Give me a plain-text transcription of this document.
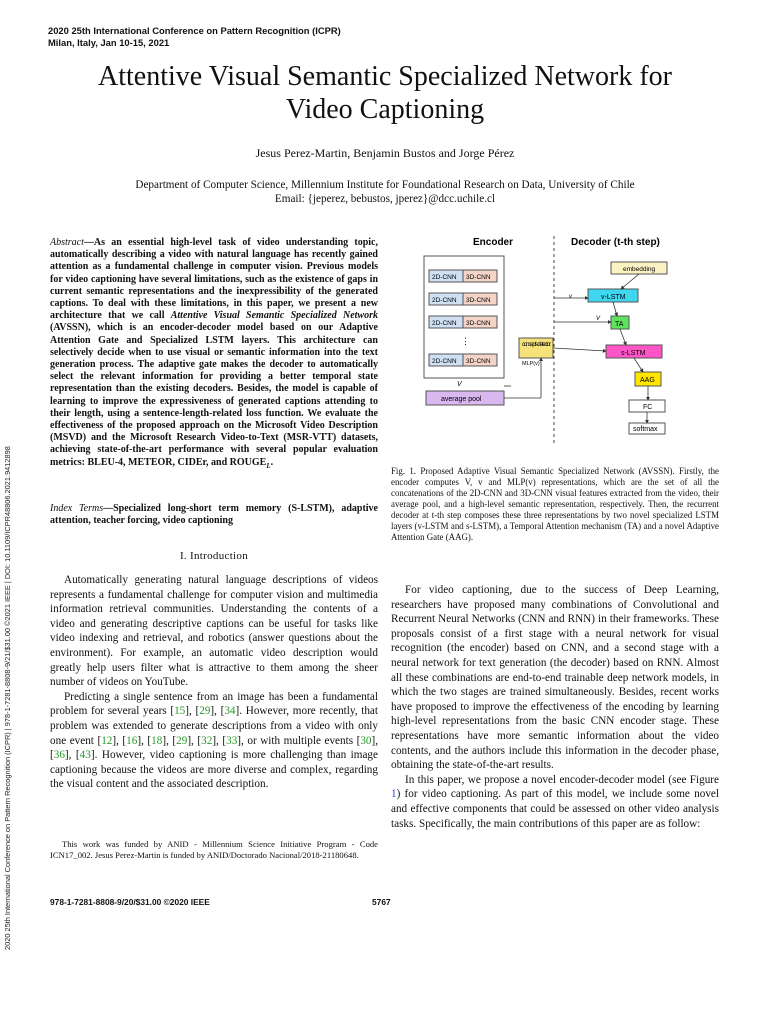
2020 25th International Conference on Pattern Recognition (ICPR)
Milan, Italy, Jan 10-15, 2021
Attentive Visual Semantic Specialized Network for
Video Captioning
Jesus Perez-Martin, Benjamin Bustos and Jorge Pérez
Department of Computer Science, Millennium Institute for Foundational Research on Data, University of Chile
Email: {jeperez, bebustos, jperez}@dcc.uchile.cl
2020 25th International Conference on Pattern Recognition (ICPR) | 978-1-7281-8808-9/21/$31.00 ©2021 IEEE | DOI: 10.1109/ICPR48806.2021.9412898
Abstract—As an essential high-level task of video understanding topic, automatically describing a video with natural language has recently gained attention as a fundamental challenge in computer vision. Previous models for video captioning have several limitations, such as the existence of gaps in current semantic representations and the inexpressibility of the generated captions. To deal with these limitations, in this paper, we present a new architecture that we call Attentive Visual Semantic Specialized Network (AVSSN), which is an encoder-decoder model based on our Adaptive Attention Gate and Specialized LSTM layers. This architecture can selectively decide when to use visual or semantic information into the text generation process. The adaptive gate makes the decoder to automatically select the relevant information for providing a better temporal state representation than the existing decoders. Besides, the model is capable of learning to improve the expressiveness of generated captions attending to their length, using a sentence-length-related loss function. We evaluate the effectiveness of the proposed approach on the Microsoft Video Description (MSVD) and the Microsoft Research Video-to-Text (MSR-VTT) datasets, achieving state-of-the-art performance with several popular evaluation metrics: BLEU-4, METEOR, CIDEr, and $ROUGE_L$.
Index Terms—Specialized long-short term memory (S-LSTM), adaptive attention, teacher forcing, video captioning
I. Introduction

Automatically generating natural language descriptions of videos represents a fundamental challenge for computer vision and multimedia information retrieval communities. Understanding the contents of a video and generating descriptive captions can be useful for tasks like video indexing and retrieval, and robotics (answer questions about the environment). For example, an automatic video description would greatly help users filter what is attractive to them among the sheer number of videos on YouTube.

Predicting a single sentence from an image has been a fundamental problem for several years [15], [29], [34]. However, more recently, that problem was extended to generate descriptions from a video with only one event [12], [16], [18], [29], [32], [33], or with multiple events [30], [36], [43]. However, video captioning is more challenging than image captioning because the videos are more diverse and complex, regarding the visual content and the associated description.

This work was funded by ANID - Millennium Science Initiative Program - Code ICN17_002. Jesus Perez-Martin is funded by ANID/Doctorado Nacional/2018-21180648.
978-1-7281-8808-9/20/$31.00 ©2020 IEEE	5767
Encoder	Decoder (t-th step)
2D-CNN 3D-CNN
2D-CNN 3D-CNN
2D-CNN 3D-CNN
⋮
2D-CNN 3D-CNN
V
average pool
concepts detector
MLP(v)
embedding
v-LSTM
TA
s-LSTM
AAG
FC
softmax
v
V
Fig. 1. Proposed Adaptive Visual Semantic Specialized Network (AVSSN). Firstly, the encoder computes V, v and MLP(v) representations, which are the set of all the concatenations of the 2D-CNN and 3D-CNN visual features extracted from the video, their average pool, and a high-level semantic representation, respectively. Then, the recurrent decoder at t-th step composes these three representations by two novel specialized LSTM layers (v-LSTM and s-LSTM), a Temporal Attention mechanism (TA) and a novel Adaptive Attention Gate (AAG).

For video captioning, due to the success of Deep Learning, researchers have proposed many combinations of Convolutional and Recurrent Neural Networks (CNN and RNN) in their frameworks. These proposals consist of a first stage with a neural network for visual recognition (the encoder) based on CNN, and a second stage with a neural network for text generation (the decoder) based on RNN. Almost all these combinations are end-to-end trainable deep network models, in which the two stages are trained simultaneously. Besides, recent works have proposed to improve the effectiveness of the encoding by learning high-level representations from the basic CNN encoder stage. These representations have more semantic information about the video contents, and the authors include this information in the decoder phase, obtaining the state-of-the-art results.

In this paper, we propose a novel encoder-decoder model (see Figure 1) for video captioning. As part of this model, we include some novel and effective components that could be assessed on other video analysis tasks. Specifically, the main contributions of this paper are as follow:
